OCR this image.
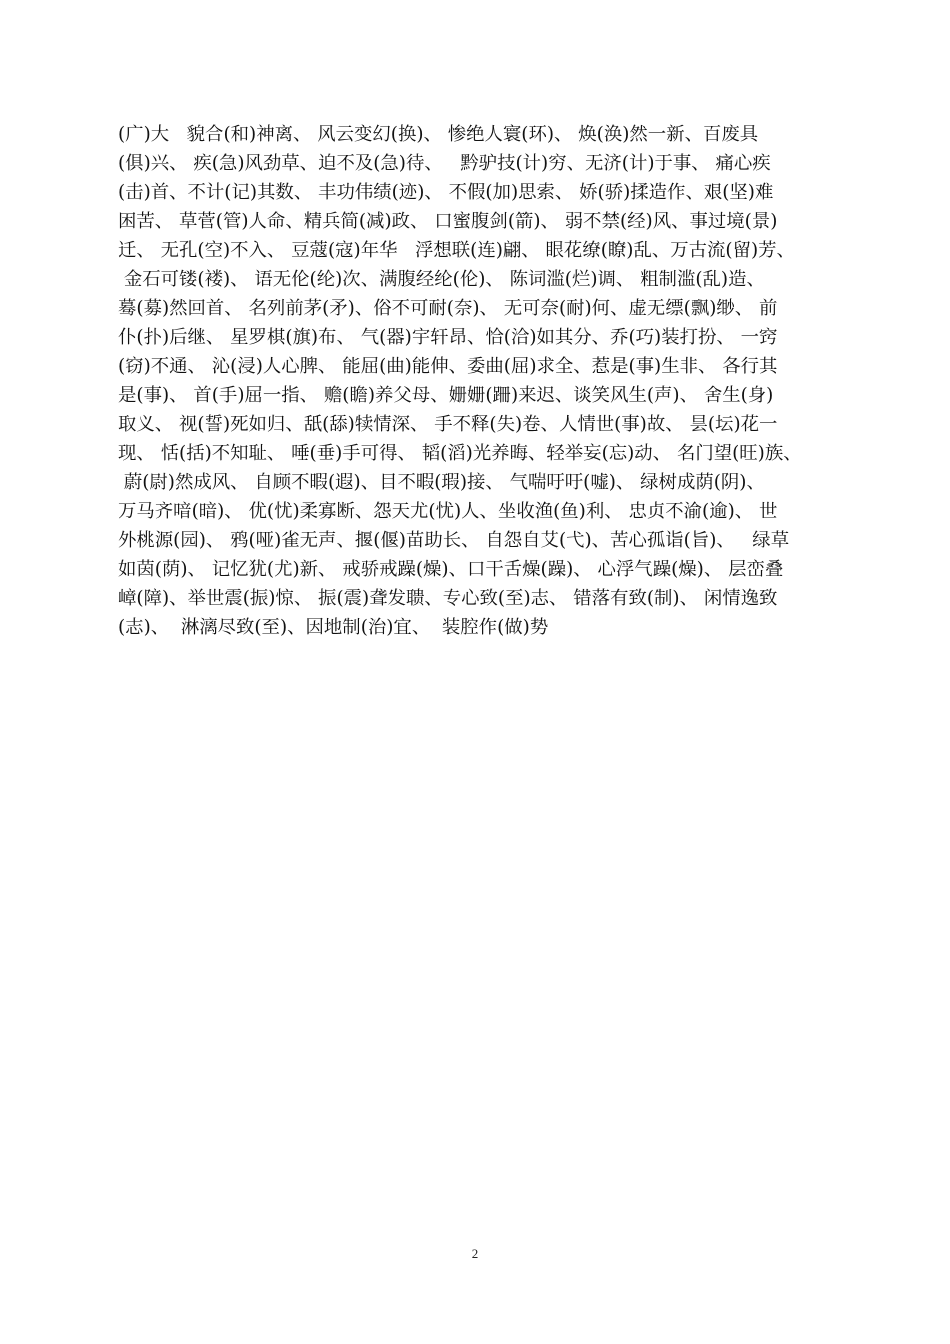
(广)大   貌合(和)神离、 风云变幻(换)、 惨绝人寰(环)、 焕(涣)然一新、百废具
(俱)兴、 疾(急)风劲草、迫不及(急)待、   黔驴技(计)穷、无济(计)于事、 痛心疾
(击)首、不计(记)其数、 丰功伟绩(迹)、 不假(加)思索、 娇(骄)揉造作、艰(坚)难
困苦、 草菅(管)人命、精兵简(减)政、 口蜜腹剑(箭)、 弱不禁(经)风、事过境(景)
迁、 无孔(空)不入、 豆蔻(寇)年华   浮想联(连)翩、 眼花缭(瞭)乱、万古流(留)芳、
金石可镂(褛)、 语无伦(纶)次、满腹经纶(伦)、 陈词滥(烂)调、 粗制滥(乱)造、
蓦(募)然回首、 名列前茅(矛)、俗不可耐(奈)、 无可奈(耐)何、虚无缥(飘)缈、 前
仆(扑)后继、 星罗棋(旗)布、 气(器)宇轩昂、恰(洽)如其分、乔(巧)装打扮、 一窍
(窃)不通、 沁(浸)人心脾、 能屈(曲)能伸、委曲(屈)求全、惹是(事)生非、 各行其
是(事)、 首(手)屈一指、 赡(瞻)养父母、姗姗(跚)来迟、谈笑风生(声)、 舍生(身)
取义、 视(誓)死如归、舐(舔)犊情深、 手不释(失)卷、人情世(事)故、 昙(坛)花一
现、 恬(括)不知耻、 唾(垂)手可得、 韬(滔)光养晦、轻举妄(忘)动、 名门望(旺)族、
蔚(尉)然成风、 自顾不暇(遐)、目不暇(瑕)接、 气喘吁吁(嘘)、 绿树成荫(阴)、
万马齐喑(暗)、 优(忧)柔寡断、怨天尤(忧)人、坐收渔(鱼)利、 忠贞不渝(逾)、 世
外桃源(园)、 鸦(哑)雀无声、揠(偃)苗助长、 自怨自艾(弋)、苦心孤诣(旨)、   绿草
如茵(荫)、 记忆犹(尤)新、 戒骄戒躁(燥)、口干舌燥(躁)、 心浮气躁(燥)、 层峦叠
嶂(障)、举世震(振)惊、 振(震)聋发聩、专心致(至)志、 错落有致(制)、 闲情逸致
(志)、  淋漓尽致(至)、因地制(治)宜、  装腔作(做)势
2
